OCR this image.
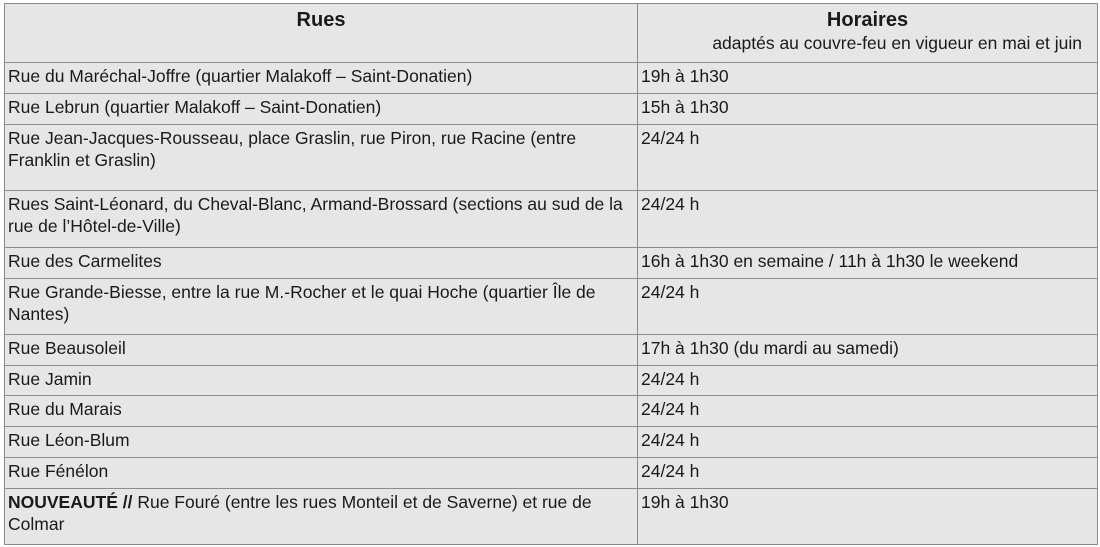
Rues	Horaires
adaptés au couvre-feu en vigueur en mai et juin

Rue du Maréchal-Joffre (quartier Malakoff – Saint-Donatien)	19h à 1h30
Rue Lebrun (quartier Malakoff – Saint-Donatien)	15h à 1h30
Rue Jean-Jacques-Rousseau, place Graslin, rue Piron, rue Racine (entre Franklin et Graslin)	24/24 h
Rues Saint-Léonard, du Cheval-Blanc, Armand-Brossard (sections au sud de la rue de l’Hôtel-de-Ville)	24/24 h
Rue des Carmelites	16h à 1h30 en semaine / 11h à 1h30 le weekend
Rue Grande-Biesse, entre la rue M.-Rocher et le quai Hoche (quartier Île de Nantes)	24/24 h
Rue Beausoleil	17h à 1h30 (du mardi au samedi)
Rue Jamin	24/24 h
Rue du Marais	24/24 h
Rue Léon-Blum	24/24 h
Rue Fénélon	24/24 h
NOUVEAUTÉ // Rue Fouré (entre les rues Monteil et de Saverne) et rue de Colmar	19h à 1h30
